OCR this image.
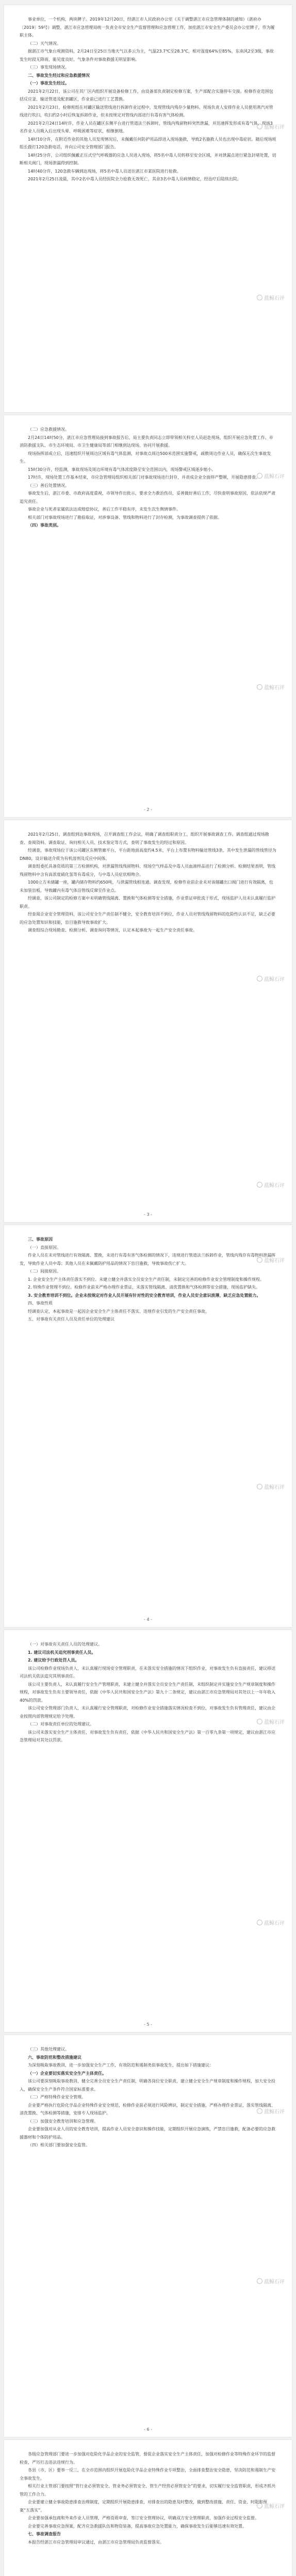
蓝鲸石评
蓝鲸石评

事业单位，一个机构，两块牌子。2019年12月20日，经湛江市人民政府办公室《关于调整湛江市应急管理体制的通知》（湛府办〔2019〕59号）调整，湛江市应急管理局统一负责全市安全生产监督管理和应急管理工作，加挂湛江市安全生产委员会办公室牌子，作为履职主体。

（二）天气情况。

据湛江市气象台观测资料，2月24日至25日当地天气以多云为主，气温23.7℃至28.3℃，相对湿度64%至85%，东南风2至3级，事故发生时段无降雨，能见度良好，气象条件对事故救援无明显影响。

（三）事发现场情况。

二、事故发生经过和应急救援情况

（一）事故发生经过。

2021年2月22日，该公司在其厂区内组织开展设备检修工作，由设备部负责制定检修方案，生产部配合实施停车交接。检修作业范围包括反应釜、输送管道及配套罐区，作业前已进行工艺置换。

2021年2月23日，检修班组在对罐区输送管线进行拆卸作业过程中，发现管线内残存少量物料。现场负责人安排作业人员使用蒸汽对管线进行吹扫，吹扫约2小时后恢复拆卸作业，但未按规定对管线内部进行有毒有害气体检测。

2021年2月24日14时许，作业人员在罐区东侧平台进行管道法兰拆卸时，管线内残留物料突然泄漏，并迅速挥发形成有毒气体，现场3名作业人员吸入后出现头晕、呼吸困难等症状，相继倒地。

14时10分许，在附近作业的其他人员发现情况后，未佩戴任何防护用品即进入现场施救，导致2名施救人员也出现中毒症状。随后现场班组长拨打120急救电话，并向公司安全管理部门报告。

14时25分许，公司组织佩戴正压式空气呼吸器的应急人员进入现场，将5名中毒人员转移至安全区域，并对泄漏点进行紧急封堵处置，切断相关阀门，现场泄漏得到控制。

14时40分许，120急救车辆到达现场，将5名中毒人员送往湛江市某医院进行抢救。

2021年2月25日凌晨，其中2名中毒人员经医院全力抢救无效死亡，其余3名中毒人员病情稳定，经治疗后陆续出院。

蓝鲸石评
蓝鲸石评

（二）应急救援情况。

2月24日14时50分，湛江市应急管理局接到事故报告后，局主要负责同志立即带领相关科室人员赶赴现场，组织开展应急处置工作。市消防救援支队、市生态环境局、市卫生健康局等部门相继到达现场，协同开展救援。

现场指挥部成立后，迅速组织开展周边区域有毒气体监测，对事故点周边500米范围实施警戒，疏散周边作业人员，确保无次生事故发生。

15时30分许，经监测，事故现场及周边环境有毒气体浓度降至安全范围以内，现场警戒区域逐步缩小。

17时许，现场处置工作基本结束，市应急管理局组织相关部门对事故现场进行封存，并责成企业全面停产整顿，开展隐患排查。

（三）善后处置情况。

事故发生后，湛江市委、市政府高度重视，市领导作出批示，要求全力救治伤员，妥善做好善后工作，尽快查明事故原因，依法依规严肃追究责任。

事故企业与死者家属依法达成赔偿协议，善后工作平稳有序，未发生次生舆情事件。

相关部门对事故现场进行了勘验取证，对涉事设备、管线和物料进行了封存检测，为事故调查提供了依据。

（四）事故类别。

- 2 -
蓝鲸石评
蓝鲸石评

2021年2月25日，调查组到达事故现场，召开调查组工作会议，明确了调查组职责分工，组织开展事故调查工作。调查组通过现场勘查、查阅资料、调查取证、询问相关人员、技术鉴定等方式，查明了事故发生的经过和原因。

经调查，事故现场位于该公司罐区东侧管廊平台，平台距地面高度约4.5米，平台上布置有物料输送管线3条，其中发生泄漏的管线管径为DN80，设计输送介质为有机溶剂及反应中间体。

调查组委托具备资质的第三方检测机构，对泄漏管线残留物料、现场空气样品及中毒人员血液样品进行了检测分析。检测结果表明，管线残留物料中含有高浓度硫化氢等有毒成分，与中毒人员症状相吻合。

1000立方米储罐一座，罐内储存物料约650吨，与泄漏管线相连通。调查发现，检修作业前企业未对该储罐出口阀门进行有效隔离，也未加装盲板，导致罐内有毒气体沿管线反窜至作业点。

经调查，该公司制定的检修方案中未明确管线隔离、置换和气体检测等安全措施，作业票证审批流于形式，现场监护人员未认真履行监护职责。

经查阅企业安全管理资料，该公司安全生产责任制不健全，安全教育培训不到位，作业人员对管线残留物料的危险性认识不足，缺乏必要的应急处置知识和技能，盲目施救导致事故扩大。

调查组综合现场勘查、检测分析、调查询问等情况，认定本起事故为一起生产安全责任事故。

- 3 -
蓝鲸石评
蓝鲸石评

三、事故原因

（一）直接原因。

作业人员在未对管线进行有效隔离、置换，未进行有毒有害气体检测的情况下，违规进行管道法兰拆卸作业，管线内残存有毒物料泄漏挥发，导致作业人员中毒；其他人员在未佩戴防护用品的情况下盲目施救，导致事故伤亡扩大。

（二）间接原因。

1. 企业安全生产主体责任落实不到位。未建立健全并落实全员安全生产责任制，未制定完善的检修作业安全管理制度和操作规程。

2. 特殊作业管理不到位。检修作业前未严格办理作业票证，未落实管线隔离、清洗置换和气体检测等安全措施，现场监护缺失。

3. 安全教育培训不到位。企业未按规定对作业人员开展有针对性的安全教育培训，作业人员安全意识淡薄，缺乏应急处置能力。

四、事故性质

经调查认定，本起事故是一起因企业安全生产主体责任不落实、违规作业引发的生产安全责任事故。

五、对事故有关责任人员及责任单位的处理建议

- 4 -
蓝鲸石评
蓝鲸石评

（一）对事故有关责任人员的处理建议。

1. 建议司法机关追究刑事责任人员。

2. 建议给予行政处罚人员。

该公司检修作业现场负责人，未认真履行现场安全管理职责，在未落实安全措施的情况下组织作业，对事故发生负有直接责任，建议移送司法机关依法追究其刑事责任。

该公司主要负责人，未认真履行安全生产管理职责，未建立健全并落实全员安全生产责任制，未组织制定并实施安全生产规章制度和操作规程，对事故发生负有主要领导责任，依据《中华人民共和国安全生产法》第九十二条规定，建议由湛江市应急管理局对其处以上一年年收入40%的罚款。

该公司安全管理部门负责人，未认真履行安全管理职责，对检修作业安全措施落实情况检查不到位，对事故发生负有管理责任，建议由企业按照内部管理规定给予处理。

（二）对事故责任单位的处理建议。

该公司未落实安全生产主体责任，对事故发生负有责任，依据《中华人民共和国安全生产法》第一百零九条第一项规定，建议由湛江市应急管理局对其处以罚款。

- 5 -
蓝鲸石评
蓝鲸石评

（三）其他处理建议。

六、事故防范和整改措施建议

为深刻吸取事故教训，进一步加强安全生产工作，有效防范和遏制类似事故发生，提出如下措施建议：

（一）企业要切实落实安全生产主体责任。

该公司要深刻吸取事故教训，健全完善全员安全生产责任制，明确各岗位安全职责，建立健全安全生产规章制度和操作规程，加大安全投入，确保安全生产条件符合国家标准要求。

（二）严格特殊作业安全管理。

企业要严格执行危险化学品企业特殊作业安全规范，检修作业前必须进行风险辨识，制定安全措施，严格办理作业票证，落实管线隔离、清洗置换、气体检测等措施，安排专人现场监护。

（三）加强安全教育培训和应急管理。

企业要加强对从业人员的安全教育培训，提高作业人员安全意识和操作技能，定期组织开展应急演练，严禁盲目施救，配备必要的应急救援器材和个体防护用品。

（四）相关部门要加强安全监管。

- 6 -
蓝鲸石评

各级应急管理部门要进一步加强对危险化学品企业的安全监管，督促企业落实安全生产主体责任，加强对检修作业等特殊作业环节的监督检查，严厉打击违法违规行为。

各县（市、区）要举一反三，在全市范围内组织开展危险化学品企业特殊作业专项整治，全面排查整治安全隐患，坚决防范和遏制生产安全事故发生。

相关行业主管部门要按照“管行业必须管安全、管业务必须管安全、管生产经营必须管安全”的要求，切实履行安全监管职责，形成齐抓共管的工作合力。

企业要建立健全事故隐患排查治理制度，定期组织开展隐患排查，对排查出的隐患及时整改，做到整改措施、责任、资金、时限和预案“五落实”。

企业要加强承包商和外来作业人员管理，严格资质审查，签订安全管理协议，明确双方安全管理职责，加强作业过程安全监督。

企业要完善事故应急预案，配齐应急救援队伍和物资装备，提高事故应急处置能力，确保事故发生后能够迅速有效处置。

七、事故调查报告

本报告经湛江市应急管理局审议通过，由湛江市应急管理局负责监督落实。
